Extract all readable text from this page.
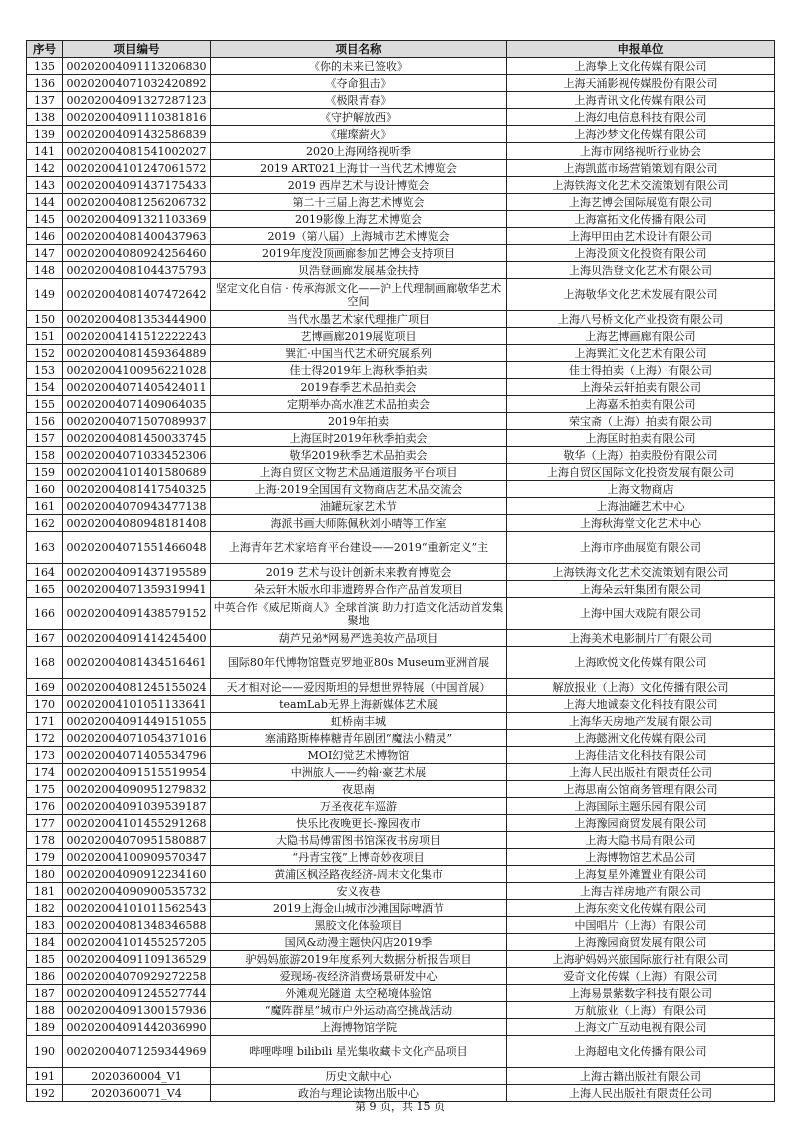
序号	项目编号	项目名称	申报单位
135	00202004091113206830	《你的未来已签收》	上海挚上文化传媒有限公司
136	00202004071032420892	《夺命狙击》	上海天涌影视传媒股份有限公司
137	00202004091327287123	《极限青春》	上海青讯文化传媒有限公司
138	00202004091110381816	《守护解放西》	上海幻电信息科技有限公司
139	00202004091432586839	《璀璨薪火》	上海沙梦文化传媒有限公司
141	00202004081541002027	2020上海网络视听季	上海市网络视听行业协会
142	00202004101247061572	2019 ART021上海廿一当代艺术博览会	上海凯蓝市场营销策划有限公司
143	00202004091437175433	2019 西岸艺术与设计博览会	上海铁海文化艺术交流策划有限公司
144	00202004081256206732	第二十三届上海艺术博览会	上海艺博会国际展览有限公司
145	00202004091321103369	2019影像上海艺术博览会	上海富拓文化传播有限公司
146	00202004081400437963	2019（第八届）上海城市艺术博览会	上海甲田由艺术设计有限公司
147	00202004080924256460	2019年度没顶画廊参加艺博会支持项目	上海没顶文化投资有限公司
148	00202004081044375793	贝浩登画廊发展基金扶持	上海贝浩登文化艺术有限公司
149	00202004081407472642	坚定文化自信 · 传承海派文化——沪上代理制画廊敬华艺术空间	上海敬华文化艺术发展有限公司
150	00202004081353444900	当代水墨艺术家代理推广项目	上海八号桥文化产业投资有限公司
151	00202004141512222243	艺博画廊2019展览项目	上海艺博画廊有限公司
152	00202004081459364889	巽汇·中国当代艺术研究展系列	上海巽汇文化艺术有限公司
153	00202004100956221028	佳士得2019年上海秋季拍卖	佳士得拍卖（上海）有限公司
154	00202004071405424011	2019春季艺术品拍卖会	上海朵云轩拍卖有限公司
155	00202004071409064035	定期举办高水准艺术品拍卖会	上海嘉禾拍卖有限公司
156	00202004071507089937	2019年拍卖	荣宝斋（上海）拍卖有限公司
157	00202004081450033745	上海匡时2019年秋季拍卖会	上海匡时拍卖有限公司
158	00202004071033452306	敬华2019秋季艺术品拍卖会	敬华（上海）拍卖股份有限公司
159	00202004101401580689	上海自贸区文物艺术品通道服务平台项目	上海自贸区国际文化投资发展有限公司
160	00202004081417540325	上海·2019全国国有文物商店艺术品交流会	上海文物商店
161	00202004070943477138	油罐玩家艺术节	上海油罐艺术中心
162	00202004080948181408	海派书画大师陈佩秋刘小晴等工作室	上海秋海堂文化艺术中心
163	00202004071551466048	上海青年艺术家培育平台建设——2019“重新定义”主	上海市序曲展览有限公司
164	00202004091437195589	2019 艺术与设计创新未来教育博览会	上海铁海文化艺术交流策划有限公司
165	00202004071359319941	朵云轩木版水印非遗跨界合作产品首发项目	上海朵云轩集团有限公司
166	00202004091438579152	中英合作《威尼斯商人》全球首演 助力打造文化活动首发集聚地	上海中国大戏院有限公司
167	00202004091414245400	葫芦兄弟*网易严选美妆产品项目	上海美术电影制片厂有限公司
168	00202004081434516461	国际80年代博物馆暨克罗地亚80s Museum亚洲首展	上海欧悦文化传媒有限公司
169	00202004081245155024	天才相对论——爱因斯坦的异想世界特展（中国首展）	解放报业（上海）文化传播有限公司
170	00202004101051133641	teamLab无界上海新媒体艺术展	上海大地诚泰文化科技有限公司
171	00202004091449151055	虹桥南丰城	上海华天房地产发展有限公司
172	00202004071054371016	塞浦路斯棒棒糖青年剧团“魔法小精灵”	上海懿洲文化传媒有限公司
173	00202004071405534796	MOI幻觉艺术博物馆	上海佳洁文化科技有限公司
174	00202004091515519954	中洲旅人——约翰·豪艺术展	上海人民出版社有限责任公司
175	00202004090951279832	夜思南	上海思南公馆商务管理有限公司
176	00202004091039539187	万圣夜花车巡游	上海国际主题乐园有限公司
177	00202004101455291268	快乐比夜晚更长-豫园夜市	上海豫园商贸发展有限公司
178	00202004070951580887	大隐书局傅雷图书馆深夜书房项目	上海大隐书局有限公司
179	00202004100909570347	“丹青宝筏”上博奇妙夜项目	上海博物馆艺术品公司
180	00202004090912234160	黄浦区枫泾路夜经济-周末文化集市	上海复星外滩置业有限公司
181	00202004090900535732	安义夜巷	上海吉祥房地产有限公司
182	00202004101011562543	2019上海金山城市沙滩国际啤酒节	上海东奕文化传媒有限公司
183	00202004081348346588	黑胶文化体验项目	中国唱片（上海）有限公司
184	00202004101455257205	国风&动漫主题快闪店2019季	上海豫园商贸发展有限公司
185	00202004091109136529	驴妈妈旅游2019年度系列大数据分析报告项目	上海驴妈妈兴旅国际旅行社有限公司
186	00202004070929272258	爱现场-夜经济消费场景研发中心	爱奇文化传媒（上海）有限公司
187	00202004091245527744	外滩观光隧道 太空秘境体验馆	上海易景紫数字科技有限公司
188	00202004091300157936	“魔阵群星”城市户外运动高空挑战活动	万航旅业（上海）有限公司
189	00202004091442036990	上海博物馆学院	上海文广互动电视有限公司
190	00202004071259344969	哔哩哔哩 bilibili 星光集收藏卡文化产品项目	上海超电文化传播有限公司
191	2020360004_V1	历史文献中心	上海古籍出版社有限公司
192	2020360071_V4	政治与理论读物出版中心	上海人民出版社有限责任公司
第 9 页，共 15 页
